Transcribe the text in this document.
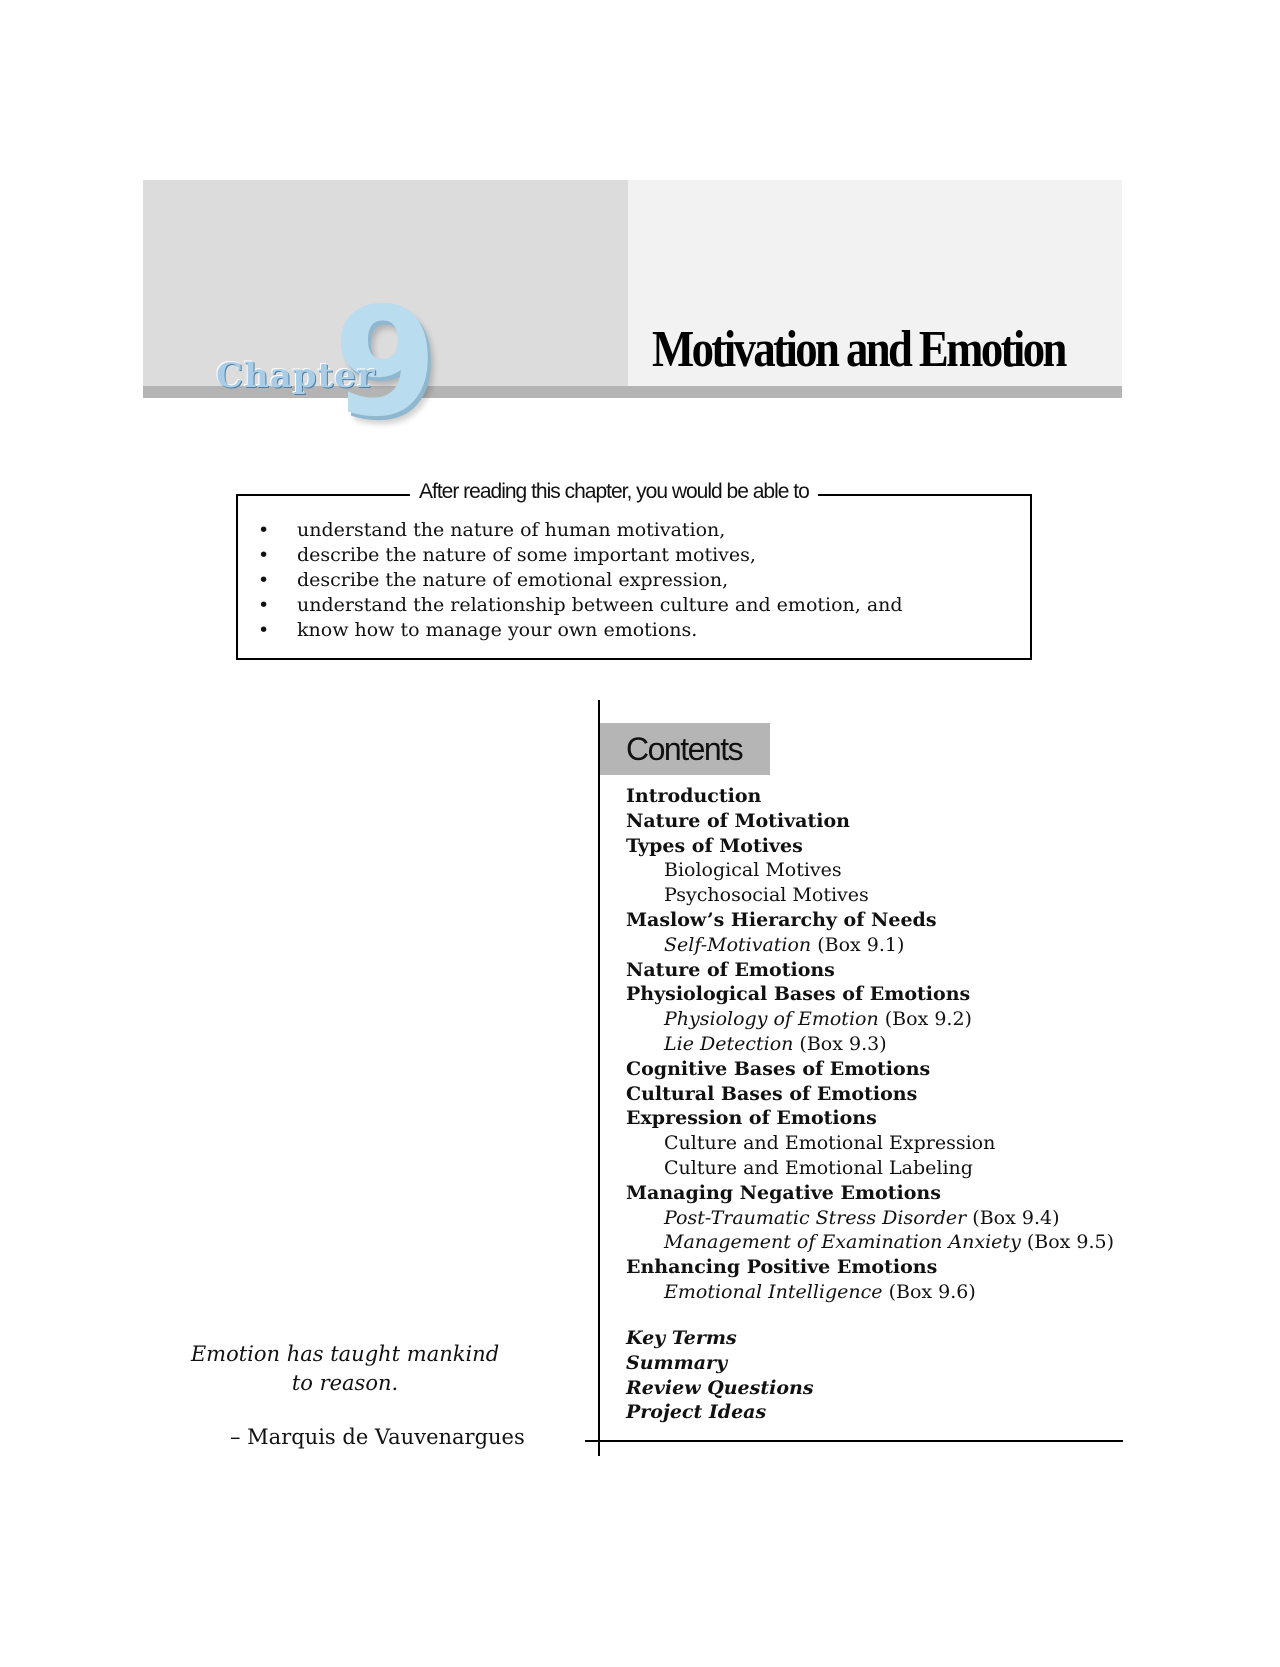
9
Chapter	Motivation and Emotion
After reading this chapter, you would be able to
• understand the nature of human motivation,
• describe the nature of some important motives,
• describe the nature of emotional expression,
• understand the relationship between culture and emotion, and
• know how to manage your own emotions.
Contents
Introduction
Nature of Motivation
Types of Motives
Biological Motives
Psychosocial Motives
Maslow’s Hierarchy of Needs
Self-Motivation (Box 9.1)
Nature of Emotions
Physiological Bases of Emotions
Physiology of Emotion (Box 9.2)
Lie Detection (Box 9.3)
Cognitive Bases of Emotions
Cultural Bases of Emotions
Expression of Emotions
Culture and Emotional Expression
Culture and Emotional Labeling
Managing Negative Emotions
Post-Traumatic Stress Disorder (Box 9.4)
Management of Examination Anxiety (Box 9.5)
Enhancing Positive Emotions
Emotional Intelligence (Box 9.6)
Key Terms
Summary
Review Questions
Project Ideas
Emotion has taught mankind
to reason.
– Marquis de Vauvenargues
